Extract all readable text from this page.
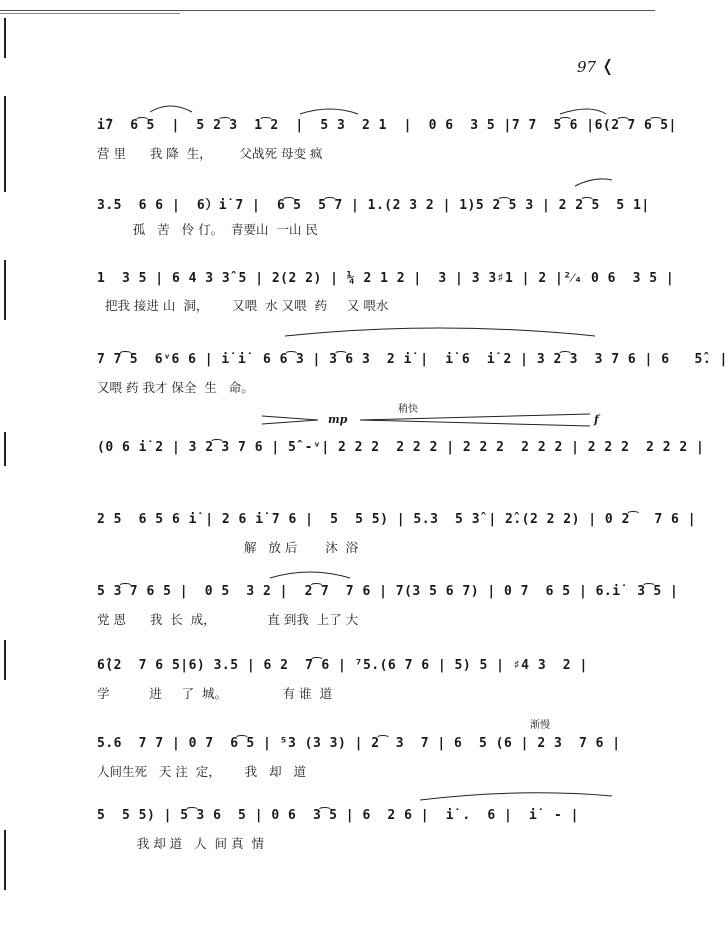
97 ❬
i̇7  6͡5  |  5 2͡3  1͡2  |  5 3  2 1  |  0 6  3 5 |7 7  5͡6 |6(2͡7 6͡5|
营 里      我 降  生，       父战死 母变 疯
3.5  6 6 |  6）i̇ 7 |  6͡5  5͡7 | 1.(2 3 2 | 1)5 2͡5 3 | 2 2͡5  5 1|
孤   苦   伶 仃。  青要山  一山 民
1  3 5 | 6 4 3 3̂ 5 | 2(2 2) | ¼ 2 1 2 |  3 | 3 3♯1 | 2 |²⁄₄ 0 6  3 5 |
把我 接进 山  洞，      又喂  水 又喂  药     又 喂水
7 7͡5  6ᵛ6 6 | i̇ i̇  6 6͡3 | 3͡6 3  2 i̇ |  i̇ 6  i̇ 2 | 3 2͡3  3 7 6 | 6   5̂. |
又喂 药 我才 保全  生   命。
(0 6 i̇ 2 | 3 2͡3 7 6 | 5̂ -ᵛ| 2 2 2  2 2 2 | 2 2 2  2 2 2 | 2 2 2  2 2 2 |
mp
稍快
f
2 5  6 5 6 i̇ | 2 6 i̇ 7 6 |  5  5 5) | 5.3  5 3̂ | 2̂.(2 2 2) | 0 2͡  7 6 |
解   放 后       沐  浴
5 3͡7 6 5 |  0 5  3 2 |  2͡7  7 6 | 7(3 5 6 7) | 0 7  6 5 | 6.i̇  3͡5 |
党 恩      我  长  成，             直 到我  上了 大
6̂(2  7 6 5|6) 3.5 | 6 2  7͡6 | ⁷5.(6 7 6 | 5) 5 | ♯4 3  2 |
学          进     了  城。              有 谁  道
5.6  7 7 | 0 7  6͡5 | ⁵3 (3 3) | 2͡ 3  7 | 6  5 (6 | 2 3  7 6 |
人间生死   天 注  定，      我   却   道
渐慢
5  5 5) | 5͡3 6  5 | 0 6  3͡5 | 6  2 6 |  i̇ .  6 |  i̇  - |
我 却 道   人  间 真  情
